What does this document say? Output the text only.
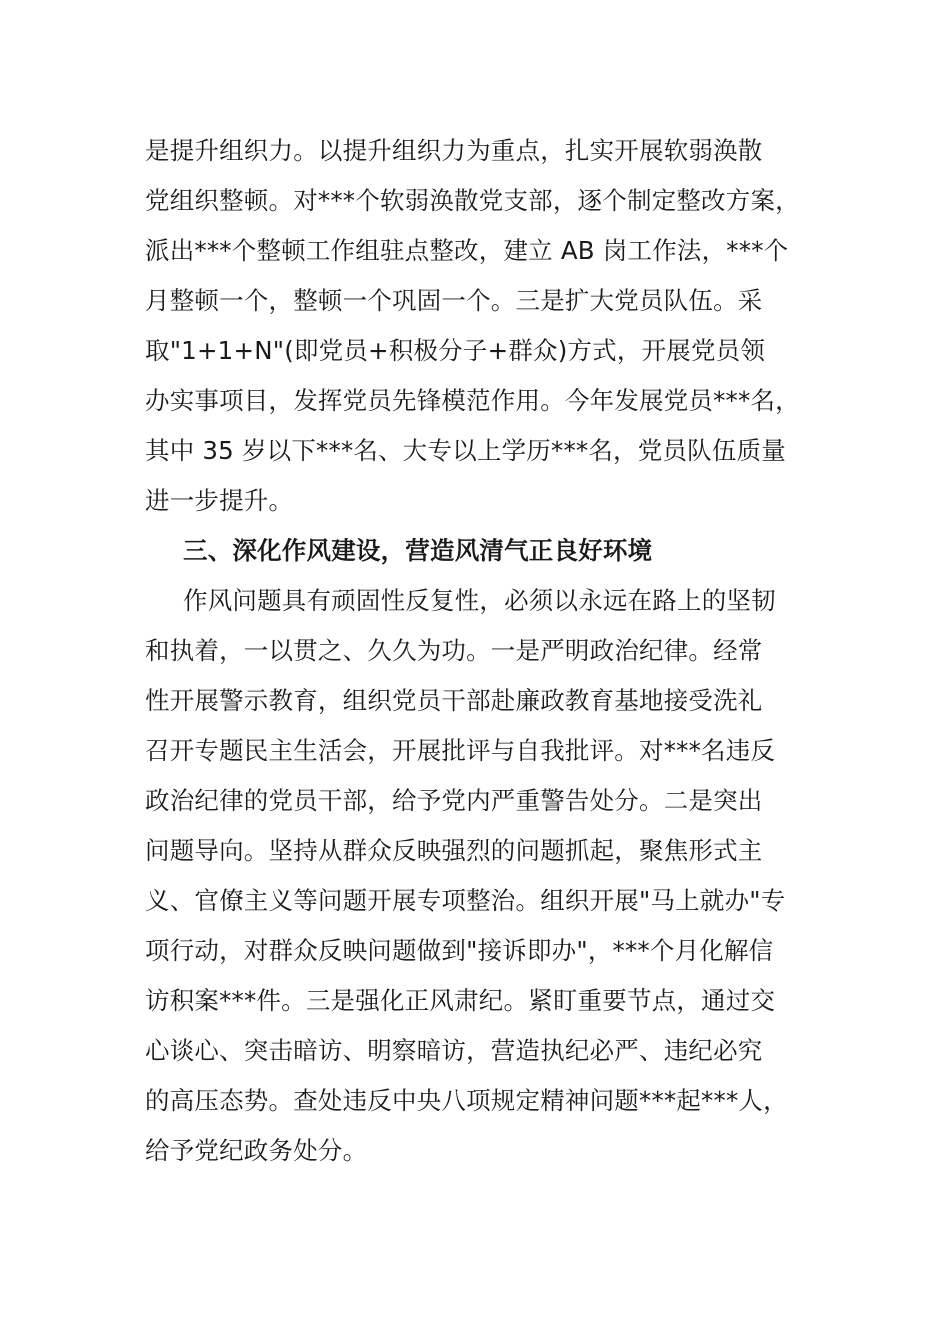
是提升组织力。以提升组织力为重点，扎实开展软弱涣散
党组织整顿。对***个软弱涣散党支部，逐个制定整改方案，
派出***个整顿工作组驻点整改，建立 AB 岗工作法，***个
月整顿一个，整顿一个巩固一个。三是扩大党员队伍。采
取"1+1+N"(即党员+积极分子+群众)方式，开展党员领
办实事项目，发挥党员先锋模范作用。今年发展党员***名，
其中 35 岁以下***名、大专以上学历***名，党员队伍质量
进一步提升。
三、深化作风建设，营造风清气正良好环境
作风问题具有顽固性反复性，必须以永远在路上的坚韧
和执着，一以贯之、久久为功。一是严明政治纪律。经常
性开展警示教育，组织党员干部赴廉政教育基地接受洗礼
召开专题民主生活会，开展批评与自我批评。对***名违反
政治纪律的党员干部，给予党内严重警告处分。二是突出
问题导向。坚持从群众反映强烈的问题抓起，聚焦形式主
义、官僚主义等问题开展专项整治。组织开展"马上就办"专
项行动，对群众反映问题做到"接诉即办"，***个月化解信
访积案***件。三是强化正风肃纪。紧盯重要节点，通过交
心谈心、突击暗访、明察暗访，营造执纪必严、违纪必究
的高压态势。查处违反中央八项规定精神问题***起***人，
给予党纪政务处分。
